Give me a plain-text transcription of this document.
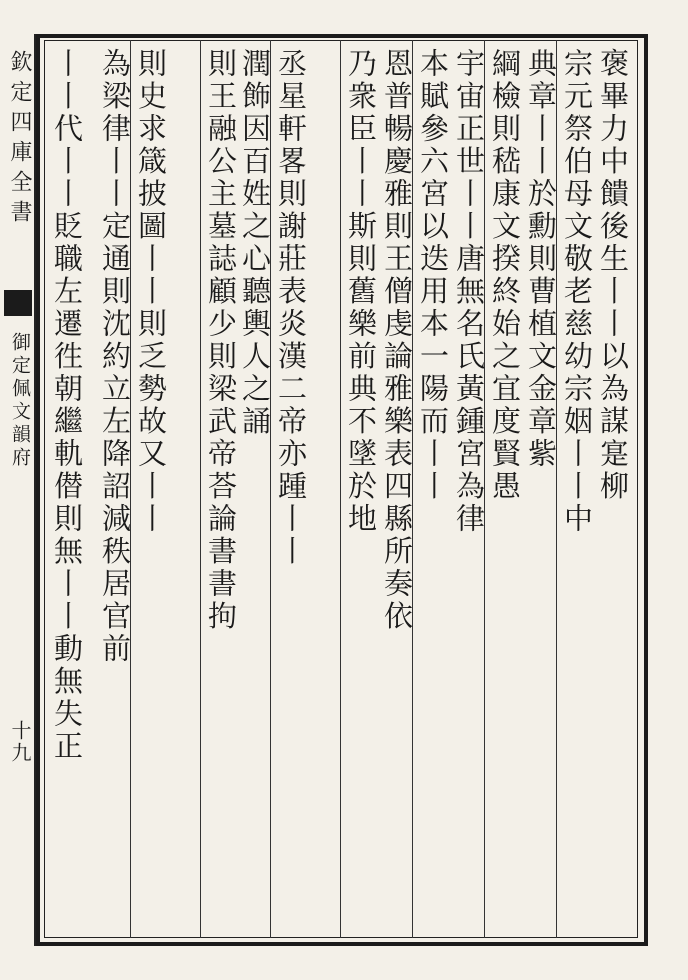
欽定四庫全書
御定佩文韻府
十九
褒畢力中饋後生丨丨以為謀寔柳
宗元祭伯母文敬老慈幼宗姻丨丨中
典章丨丨於勳則曹植文金章紫
綱檢則嵇康文揆終始之宜度賢愚
宇宙正世丨丨唐無名氏黃鍾宮為律
本賦參六宮以迭用本一陽而丨丨
恩普暢慶雅則王僧虔論雅樂表四縣所奏依
乃衆臣丨丨斯則舊樂前典不墜於地
丞星軒畧則謝莊表炎漢二帝亦踵丨丨
潤飾因百姓之心聽輿人之誦
則王融公主墓誌顧少則梁武帝荅論書書拘
則史求箴披圖丨丨則乏勢故又丨丨
為梁律丨丨定通則沈約立左降詔減秩居官前
丨丨代丨丨貶職左遷徃朝繼軌僣則無丨丨動無失正
